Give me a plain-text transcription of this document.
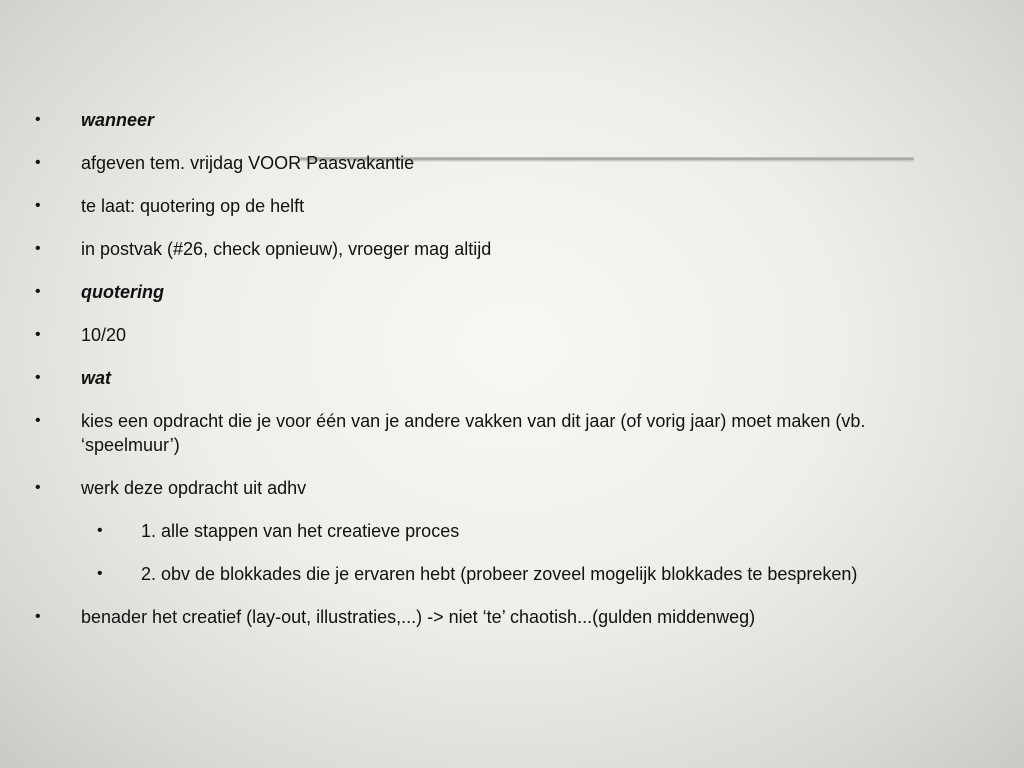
• wanneer
• afgeven tem. vrijdag VOOR Paasvakantie
• te laat: quotering op de helft
• in postvak (#26, check opnieuw), vroeger mag altijd
• quotering
• 10/20
• wat
• kies een opdracht die je voor één van je andere vakken van dit jaar (of vorig jaar) moet maken (vb. ‘speelmuur’)
• werk deze opdracht uit adhv
• 1. alle stappen van het creatieve proces
• 2. obv de blokkades die je ervaren hebt (probeer zoveel mogelijk blokkades te bespreken)
• benader het creatief (lay-out, illustraties,...) -> niet ‘te’ chaotish...(gulden middenweg)
